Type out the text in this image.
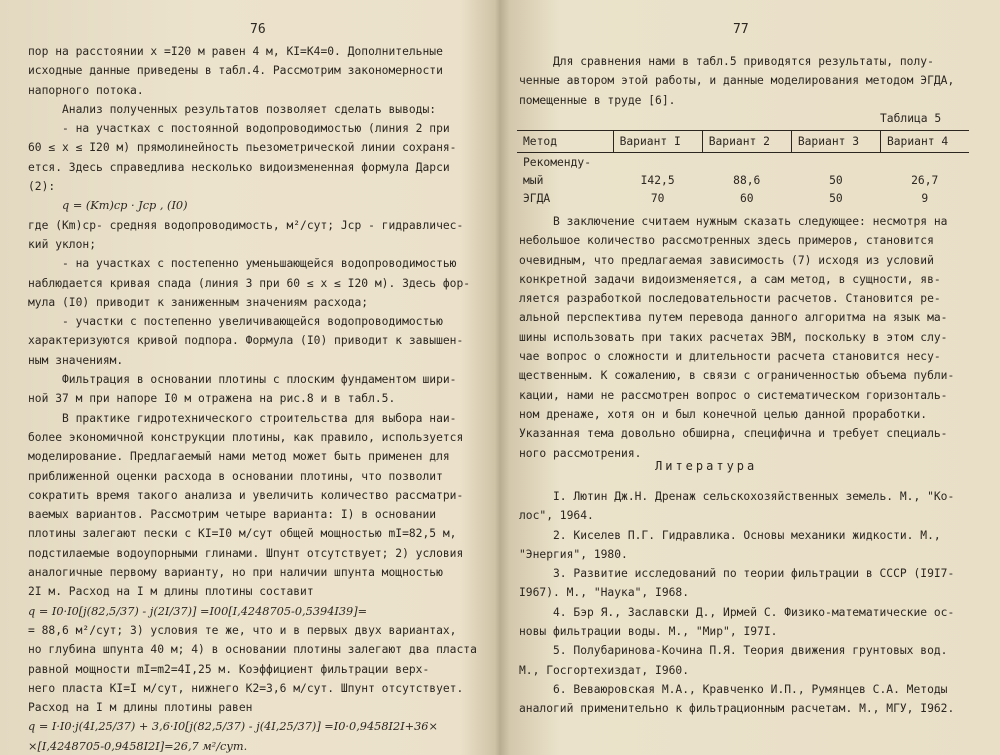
76
пор на расстоянии x =I20 м равен 4 м, KI=K4=0. Дополнительные
исходные данные приведены в табл.4. Рассмотрим закономерности
напорного потока.
Анализ полученных результатов позволяет сделать выводы:
- на участках с постоянной водопроводимостью (линия 2 при
60 ≤ x ≤ I20 м) прямолинейность пьезометрической линии сохраня-
ется. Здесь справедлива несколько видоизмененная формула Дарси
(2):
q = (Km)ср · Jср , (I0)
где (Km)ср- средняя водопроводимость, м²/сут; Jср - гидравличес-
кий уклон;
- на участках с постепенно уменьшающейся водопроводимостью
наблюдается кривая спада (линия 3 при 60 ≤ x ≤ I20 м). Здесь фор-
мула (I0) приводит к заниженным значениям расхода;
- участки с постепенно увеличивающейся водопроводимостью
характеризуются кривой подпора. Формула (I0) приводит к завышен-
ным значениям.
Фильтрация в основании плотины с плоским фундаментом шири-
ной 37 м при напоре I0 м отражена на рис.8 и в табл.5.
В практике гидротехнического строительства для выбора наи-
более экономичной конструкции плотины, как правило, используется
моделирование. Предлагаемый нами метод может быть применен для
приближенной оценки расхода в основании плотины, что позволит
сократить время такого анализа и увеличить количество рассматри-
ваемых вариантов. Рассмотрим четыре варианта: I) в основании
плотины залегают пески с KI=I0 м/сут общей мощностью mI=82,5 м,
подстилаемые водоупорными глинами. Шпунт отсутствует; 2) условия
аналогичные первому варианту, но при наличии шпунта мощностью
2I м. Расход на I м длины плотины составит
q = I0·I0[j(82,5/37) - j(2I/37)] =I00[I,4248705-0,5394I39]=
= 88,6 м²/сут; 3) условия те же, что и в первых двух вариантах,
но глубина шпунта 40 м; 4) в основании плотины залегают два пласта
равной мощности mI=m2=4I,25 м. Коэффициент фильтрации верх-
него пласта KI=I м/сут, нижнего K2=3,6 м/сут. Шпунт отсутствует.
Расход на I м длины плотины равен
q = I·I0·j(4I,25/37) + 3,6·I0[j(82,5/37) - j(4I,25/37)] =I0·0,9458I2I+36×
×[I,4248705-0,9458I2I]=26,7 м²/сут.
77
Для сравнения нами в табл.5 приводятся результаты, полу-
ченные автором этой работы, и данные моделирования методом ЭГДА,
помещенные в труде [6].
Таблица 5
Метод	Вариант I	Вариант 2	Вариант 3	Вариант 4
Рекоменду-				
мый	I42,5	88,6	50	26,7
ЭГДА	70	60	50	9
В заключение считаем нужным сказать следующее: несмотря на
небольшое количество рассмотренных здесь примеров, становится
очевидным, что предлагаемая зависимость (7) исходя из условий
конкретной задачи видоизменяется, а сам метод, в сущности, яв-
ляется разработкой последовательности расчетов. Становится ре-
альной перспектива путем перевода данного алгоритма на язык ма-
шины использовать при таких расчетах ЭВМ, поскольку в этом слу-
чае вопрос о сложности и длительности расчета становится несу-
щественным. К сожалению, в связи с ограниченностью объема публи-
кации, нами не рассмотрен вопрос о систематическом горизонталь-
ном дренаже, хотя он и был конечной целью данной проработки.
Указанная тема довольно обширна, специфична и требует специаль-
ного рассмотрения.
Литература
I. Лютин Дж.Н. Дренаж сельскохозяйственных земель. М., "Ко-
лос", 1964.
2. Киселев П.Г. Гидравлика. Основы механики жидкости. М.,
"Энергия", 1980.
3. Развитие исследований по теории фильтрации в СССР (I9I7-
I967). М., "Наука", I968.
4. Бэр Я., Заславски Д., Ирмей С. Физико-математические ос-
новы фильтрации воды. М., "Мир", I97I.
5. Полубаринова-Кочина П.Я. Теория движения грунтовых вод.
М., Госгортехиздат, I960.
6. Веваюровская М.А., Кравченко И.П., Румянцев С.А. Методы
аналогий применительно к фильтрационным расчетам. М., МГУ, I962.
